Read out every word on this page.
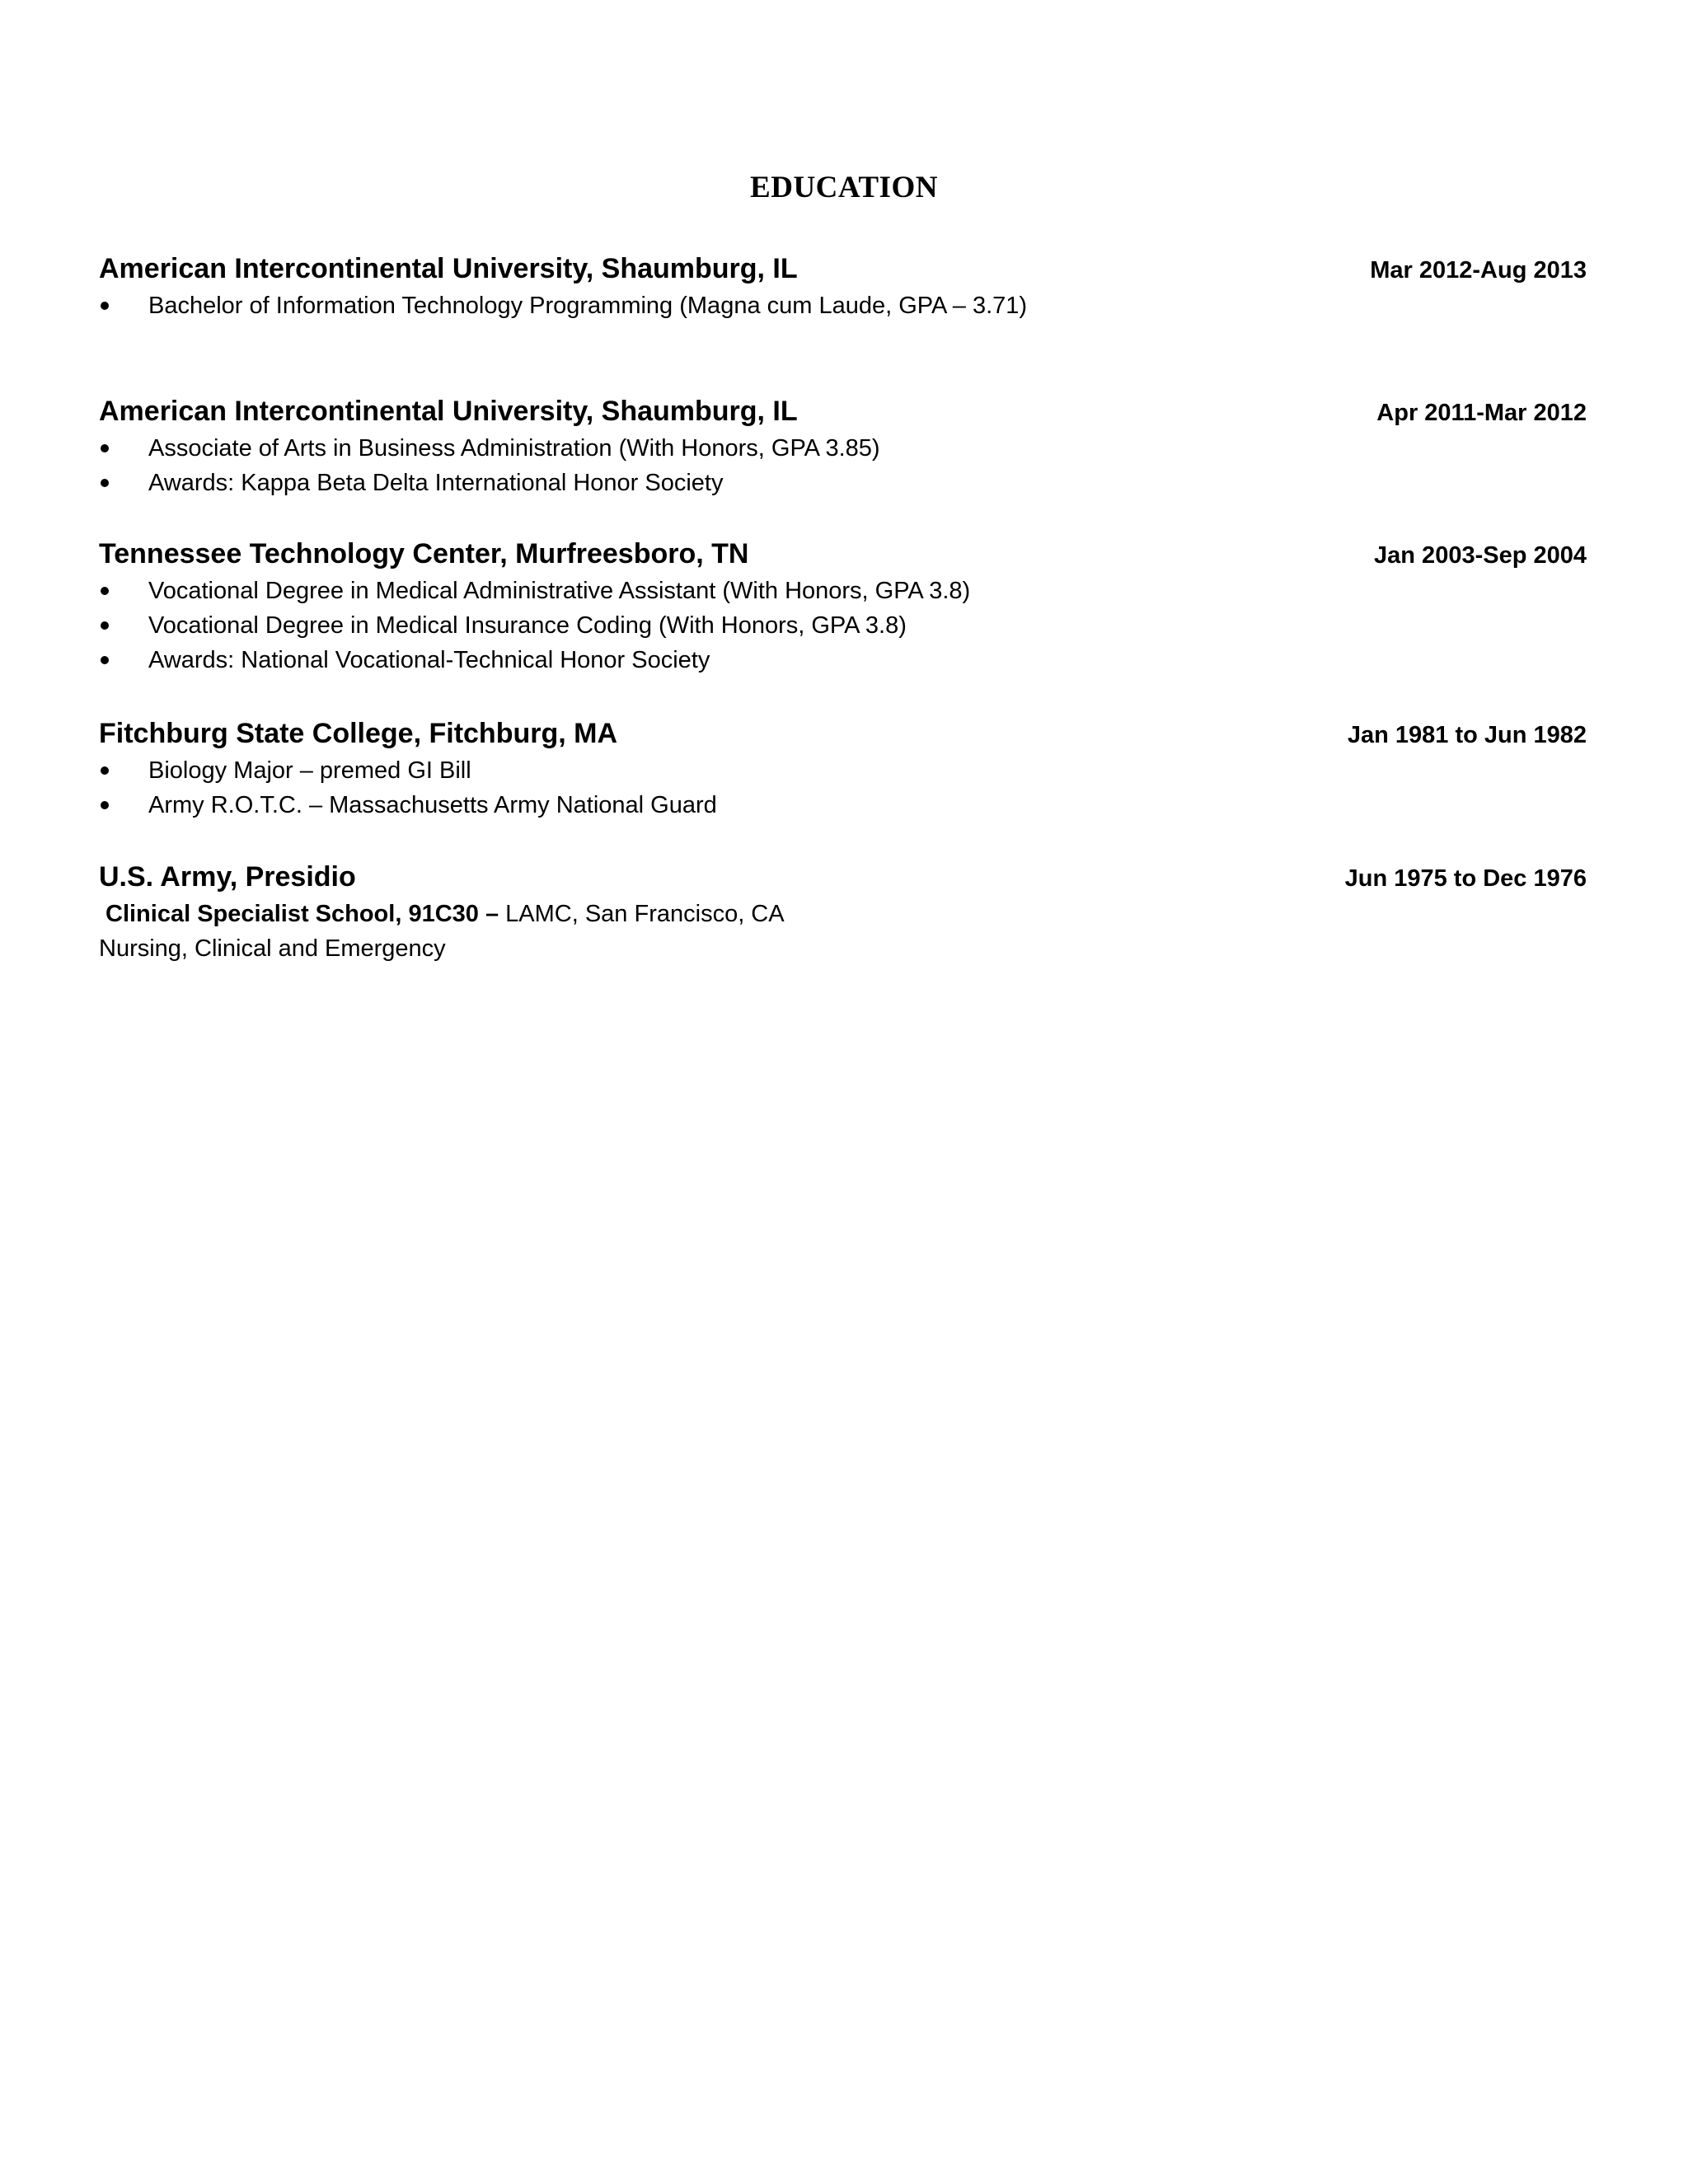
EDUCATION
American Intercontinental University, Shaumburg, IL	Mar 2012-Aug 2013
Bachelor of Information Technology Programming (Magna cum Laude, GPA – 3.71)
American Intercontinental University, Shaumburg, IL	Apr 2011-Mar 2012
Associate of Arts in Business Administration (With Honors, GPA 3.85)
Awards: Kappa Beta Delta International Honor Society
Tennessee Technology Center, Murfreesboro, TN	Jan 2003-Sep 2004
Vocational Degree in Medical Administrative Assistant (With Honors, GPA 3.8)
Vocational Degree in Medical Insurance Coding (With Honors, GPA 3.8)
Awards: National Vocational-Technical Honor Society
Fitchburg State College, Fitchburg, MA	Jan 1981 to Jun 1982
Biology Major – premed GI Bill
Army R.O.T.C. – Massachusetts Army National Guard
U.S. Army, Presidio	Jun 1975 to Dec 1976
Clinical Specialist School, 91C30 – LAMC, San Francisco, CA
Nursing, Clinical and Emergency
